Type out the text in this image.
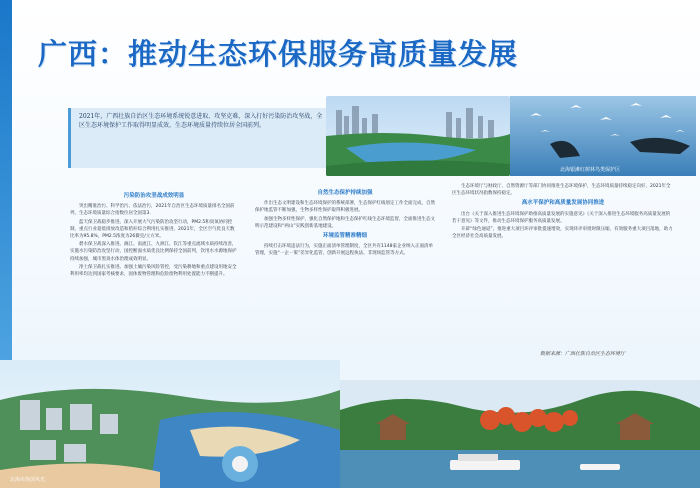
广西：推动生态环保服务高质量发展

2021年，广西壮族自治区生态环境系统锐意进取、攻坚克难，深入打好污染防治攻坚战，全区生态环境保护工作取得明显成效，生态环境质量持续位居全国前列。

北海银滩红树林鸟类保护区
污染防治攻坚战成效明显

突出精准治污、科学治污、依法治污，2021年自治区生态环境质量排名全国前列，生态环境质量综合指数位居全国第3.

蓝天保卫战稳步推进。深入开展大气污染防治攻坚行动，PM2.5和臭氧协同控制，重点行业超低排放改造和秸秆综合利用扎实推进，2021年，全区空气优良天数比率为95.8%，PM2.5浓度为26微克/立方米。

碧水保卫战深入推进。漓江、南流江、九洲江、钦江等重点流域水质持续改善，实施水污染防治攻坚行动，国控断面水质优良比例保持全国前列，饮用水水源地保护持续加强，城市黑臭水体治理成效明显。

净土保卫战扎实推进。加强土壤污染风险管控，受污染耕地和重点建设用地安全利用率均达到国家考核要求，固体废物管理和危险废物利用处置能力不断提升。

自然生态保护持续加强

作出生态文明建设和生态环境保护的系统部署，生态保护红线划定工作全面完成，自然保护地监管不断加强，生物多样性保护取得积极进展。

加强生物多样性保护，强化自然保护地和生态保护红线生态环境监督，全面推进生态文明示范建设和“两山”实践创新基地建设。

环境监管精准精细

持续打击环境违法行为，实施正面清单管理制度，全区共有1148家企业纳入正面清单管理，实施“一企一策”差异化监管，创新开展远程执法、非现场监管等方式。

生态环境厅与财政厅、自然资源厅等部门协同推进生态环境保护，生态环境质量持续稳定向好，2021年全区生态环境状况指数保持稳定。

高水平保护和高质量发展协同推进

出台《关于深入推进生态环境保护助推高质量发展的实施意见》《关于深入推进生态环境服务高质量发展的若干意见》等文件，推动生态环境保护服务高质量发展。

开辟“绿色通道”，推进重大项目环评审批提速增效，实现环评审批时限压缩，有效服务重大项目落地，助力全区经济社会高质量发展。

数据来源：广西壮族自治区生态环境厅
北海市海滨风光
